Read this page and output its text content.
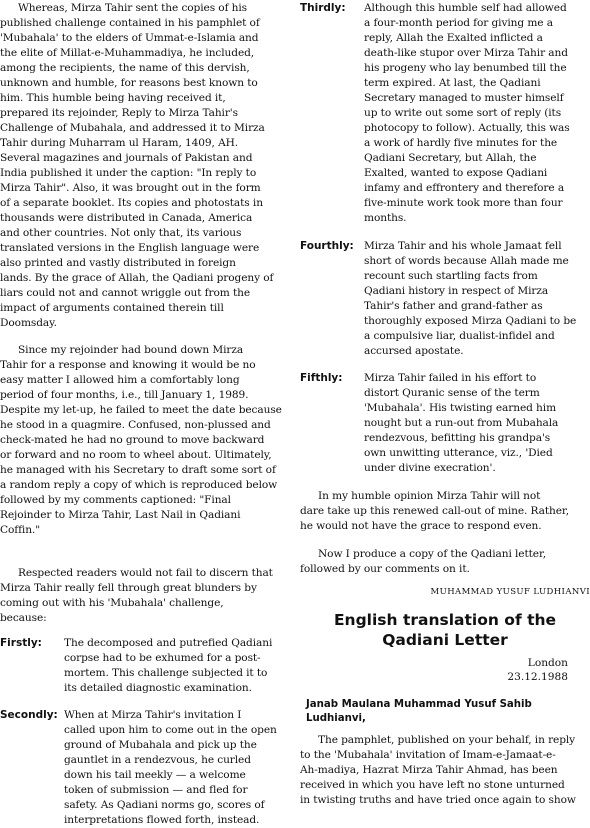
Whereas, Mirza Tahir sent the copies of his
published challenge contained in his pamphlet of
'Mubahala' to the elders of Ummat-e-Islamia and
the elite of Millat-e-Muhammadiya, he included,
among the recipients, the name of this dervish,
unknown and humble, for reasons best known to
him. This humble being having received it,
prepared its rejoinder, Reply to Mirza Tahir's
Challenge of Mubahala, and addressed it to Mirza
Tahir during Muharram ul Haram, 1409, AH.
Several magazines and journals of Pakistan and
India published it under the caption: "In reply to
Mirza Tahir". Also, it was brought out in the form
of a separate booklet. Its copies and photostats in
thousands were distributed in Canada, America
and other countries. Not only that, its various
translated versions in the English language were
also printed and vastly distributed in foreign
lands. By the grace of Allah, the Qadiani progeny of
liars could not and cannot wriggle out from the
impact of arguments contained therein till
Doomsday.

Since my rejoinder had bound down Mirza
Tahir for a response and knowing it would be no
easy matter I allowed him a comfortably long
period of four months, i.e., till January 1, 1989.
Despite my let-up, he failed to meet the date because
he stood in a quagmire. Confused, non-plussed and
check-mated he had no ground to move backward
or forward and no room to wheel about. Ultimately,
he managed with his Secretary to draft some sort of
a random reply a copy of which is reproduced below
followed by my comments captioned: "Final
Rejoinder to Mirza Tahir, Last Nail in Qadiani
Coffin."

Respected readers would not fail to discern that
Mirza Tahir really fell through great blunders by
coming out with his 'Mubahala' challenge,
because:

Firstly:	The decomposed and putrefied Qadiani
corpse had to be exhumed for a post-
mortem. This challenge subjected it to
its detailed diagnostic examination.
Secondly: When at Mirza Tahir's invitation I
called upon him to come out in the open
ground of Mubahala and pick up the
gauntlet in a rendezvous, he curled
down his tail meekly — a welcome
token of submission — and fled for
safety. As Qadiani norms go, scores of
interpretations flowed forth, instead.
Thirdly:	Although this humble self had allowed
a four-month period for giving me a
reply, Allah the Exalted inflicted a
death-like stupor over Mirza Tahir and
his progeny who lay benumbed till the
term expired. At last, the Qadiani
Secretary managed to muster himself
up to write out some sort of reply (its
photocopy to follow). Actually, this was
a work of hardly five minutes for the
Qadiani Secretary, but Allah, the
Exalted, wanted to expose Qadiani
infamy and effrontery and therefore a
five-minute work took more than four
months.
Fourthly: Mirza Tahir and his whole Jamaat fell
short of words because Allah made me
recount such startling facts from
Qadiani history in respect of Mirza
Tahir's father and grand-father as
thoroughly exposed Mirza Qadiani to be
a compulsive liar, dualist-infidel and
accursed apostate.
Fifthly:	Mirza Tahir failed in his effort to
distort Quranic sense of the term
'Mubahala'. His twisting earned him
nought but a run-out from Mubahala
rendezvous, befitting his grandpa's
own unwitting utterance, viz., 'Died
under divine execration'.

In my humble opinion Mirza Tahir will not
dare take up this renewed call-out of mine. Rather,
he would not have the grace to respond even.

Now I produce a copy of the Qadiani letter,
followed by our comments on it.

MUHAMMAD YUSUF LUDHIANVI

English translation of the
Qadiani Letter

London
23.12.1988

Janab Maulana Muhammad Yusuf Sahib Ludhianvi,

The pamphlet, published on your behalf, in reply
to the 'Mubahala' invitation of Imam-e-Jamaat-e-
Ah-madiya, Hazrat Mirza Tahir Ahmad, has been
received in which you have left no stone unturned
in twisting truths and have tried once again to show
